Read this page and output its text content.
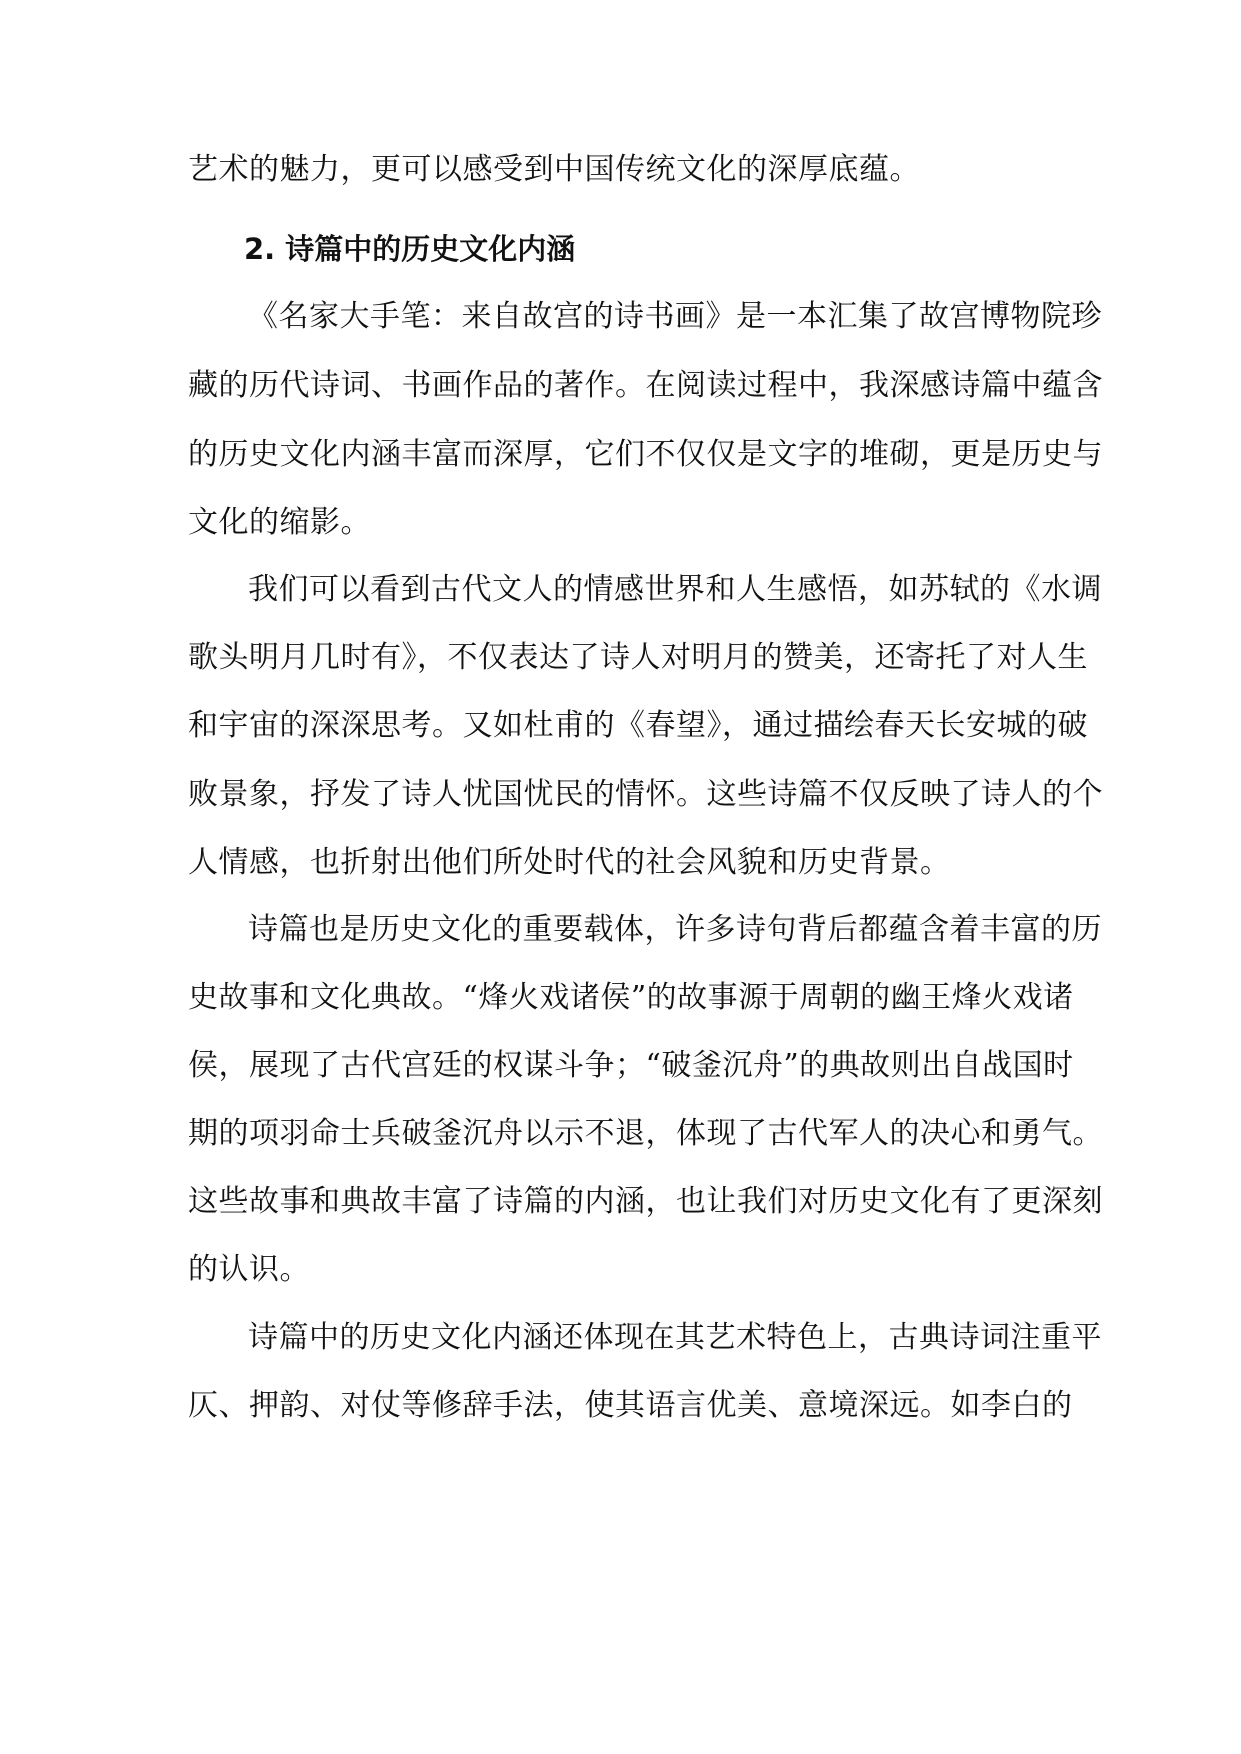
艺术的魅力，更可以感受到中国传统文化的深厚底蕴。
2. 诗篇中的历史文化内涵
《名家大手笔：来自故宫的诗书画》是一本汇集了故宫博物院珍
藏的历代诗词、书画作品的著作。在阅读过程中，我深感诗篇中蕴含
的历史文化内涵丰富而深厚，它们不仅仅是文字的堆砌，更是历史与
文化的缩影。
我们可以看到古代文人的情感世界和人生感悟，如苏轼的《水调
歌头明月几时有》，不仅表达了诗人对明月的赞美，还寄托了对人生
和宇宙的深深思考。又如杜甫的《春望》，通过描绘春天长安城的破
败景象，抒发了诗人忧国忧民的情怀。这些诗篇不仅反映了诗人的个
人情感，也折射出他们所处时代的社会风貌和历史背景。
诗篇也是历史文化的重要载体，许多诗句背后都蕴含着丰富的历
史故事和文化典故。“烽火戏诸侯”的故事源于周朝的幽王烽火戏诸
侯，展现了古代宫廷的权谋斗争；“破釜沉舟”的典故则出自战国时
期的项羽命士兵破釜沉舟以示不退，体现了古代军人的决心和勇气。
这些故事和典故丰富了诗篇的内涵，也让我们对历史文化有了更深刻
的认识。
诗篇中的历史文化内涵还体现在其艺术特色上，古典诗词注重平
仄、押韵、对仗等修辞手法，使其语言优美、意境深远。如李白的
